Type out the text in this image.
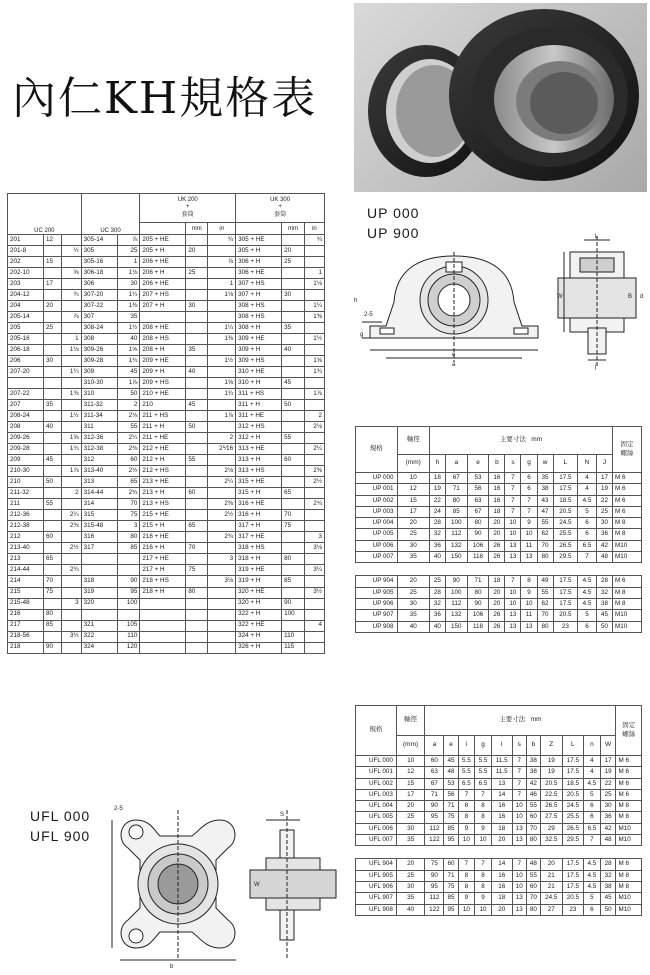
內仁KH規格表
UC 200			UC 300		UK 200
+
套筒			UK 300
+
套筒		
						mm	in		mm	in
201	12		305-14	⅞	205 + HE		¾	305 + HE		¾
201-8		½	305	25	205 + H	20		305 + H	20	
202	15		305-16	1	206 + HE		⅞	306 + H	25	
202-10		⅝	306-18	1⅛	206 + H	25		306 + HE		1
203	17		306	30	206 + HE		1	307 + HS		1⅛
204-12		¾	307-20	1¼	207 + HS		1⅛	307 + H	30	
204	20		307-22	1⅜	207 + H	30		308 + HS		1¼
205-14		⅞	307	35				308 + HS		1⅜
205	25		308-24	1½	208 + HE		1¼	308 + H	35	
205-16		1	308	40	208 + HS		1⅜	309 + HE		1½
206-18		1⅛	309-26	1⅝	208 + H	35		309 + H	40	
206	30		309-28	1¾	209 + HE		1½	309 + HS		1⅝
207-20		1¼	309	45	209 + H	40		310 + HE		1¾
			310-30	1⅞	209 + HS		1⅝	310 + H	45	
207-22		1⅜	310	50	210 + HE		1¾	311 + HS		1⅞
207	35		311-32	2	210	45		311 + H	50	
208-24		1½	311-34	2⅛	211 + HS		1⅞	311 + HE		2
208	40		311	55	211 + H	50		312 + HS		2⅛
209-26		1⅝	312-36	2¼	211 + HE		2	312 + H	55	
209-28		1¾	312-38	2⅜	212 + HE		2⅟16	313 + HE		2¼
209	45		312	60	212 + H	55		313 + H	60	
210-30		1⅞	313-40	2½	212 + HS		2⅛	313 + HS		2⅜
210	50		313	65	213 + HE		2¼	315 + HE		2½
211-32		2	314-44	2¾	213 + H	60		315 + H	65	
211	55		314	70	213 + HS		2⅜	316 + HE		2¾
212-36		2¼	315	75	215 + HE		2½	316 + H	70	
212-38		2⅜	315-48	3	215 + H	65		317 + H	75	
212	60		316	80	216 + HE		2¾	317 + HE		3
213-40		2½	317	85	216 + H	70		318 + HS		3⅛
213	65				217 + HE		3	318 + H	80	
214-44		2¾			217 + H	75		319 + HE		3¼
214	70		318	90	218 + HS		3⅛	319 + H	85	
215	75		319	95	218 + H	80		320 + HE		3½
215-48		3	320	100				320 + H	90	
216	80							322 + H	100	
217	85		321	105				322 + HE		4
218-56		3½	322	110				324 + H	110	
218	90		324	120				326 + H	115	
UP 000
UP 900
2-5
g
e
a
h
L
W	B d
j
規格	軸徑	主要寸法 mm										固定
螺絲
	(mm)	h	a	e	b	s	g	w	L	N	J	
UP 000	10	18	67	53	16	7	6	35	17.5	4	17	M 6
UP 001	12	19	71	56	16	7	6	38	17.5	4	19	M 6
UP 002	15	22	80	63	16	7	7	43	18.5	4.5	22	M 6
UP 003	17	24	85	67	18	7	7	47	20.5	5	25	M 6
UP 004	20	28	100	80	20	10	9	55	24.5	6	30	M 8
UP 005	25	32	112	90	20	10	10	62	25.5	6	36	M 8
UP 006	30	36	132	106	26	13	11	70	26.5	6.5	42	M10
UP 007	35	40	150	118	26	13	13	80	29.5	7	48	M10

UP 904	20	25	90	71	18	7	8	49	17.5	4.5	28	M 6
UP 905	25	28	100	80	20	10	9	55	17.5	4.5	32	M 8
UP 906	30	32	112	90	20	10	10	62	17.5	4.5	38	M 8
UP 907	35	36	132	106	26	13	11	70	20.5	5	45	M10
UP 908	40	40	150	118	26	13	13	80	23	6	50	M10
規格	軸徑	主要寸法 mm											固定
螺絲
	(mm)	a	e	i	g	l	s	b	Z	L	n	W	
UFL 000	10	60	45	5.5	5.5	11.5	7	38	19	17.5	4	17	M 6
UFL 001	12	63	48	5.5	5.5	11.5	7	38	19	17.5	4	19	M 6
UFL 002	15	67	53	6.5	6.5	13	7	42	20.5	18.5	4.5	22	M 6
UFL 003	17	71	56	7	7	14	7	46	22.5	20.5	5	25	M 6
UFL 004	20	90	71	8	8	16	10	55	26.5	24.5	6	30	M 8
UFL 005	25	95	75	8	8	16	10	60	27.5	25.5	6	36	M 8
UFL 006	30	112	85	9	9	18	13	70	29	26.5	6.5	42	M10
UFL 007	35	122	95	10	10	20	13	80	32.5	29.5	7	48	M10

UFL 904	20	75	60	7	7	14	7	48	20	17.5	4.5	28	M 6
UFL 905	25	90	71	8	8	16	10	55	21	17.5	4.5	32	M 8
UFL 906	30	95	75	8	8	16	10	60	21	17.5	4.5	38	M 8
UFL 907	35	112	85	9	9	18	13	70	24.5	20.5	5	45	M10
UFL 908	40	122	95	10	10	20	13	80	27	23	6	50	M10
UFL 000
UFL 900
2-5
S
W
b
